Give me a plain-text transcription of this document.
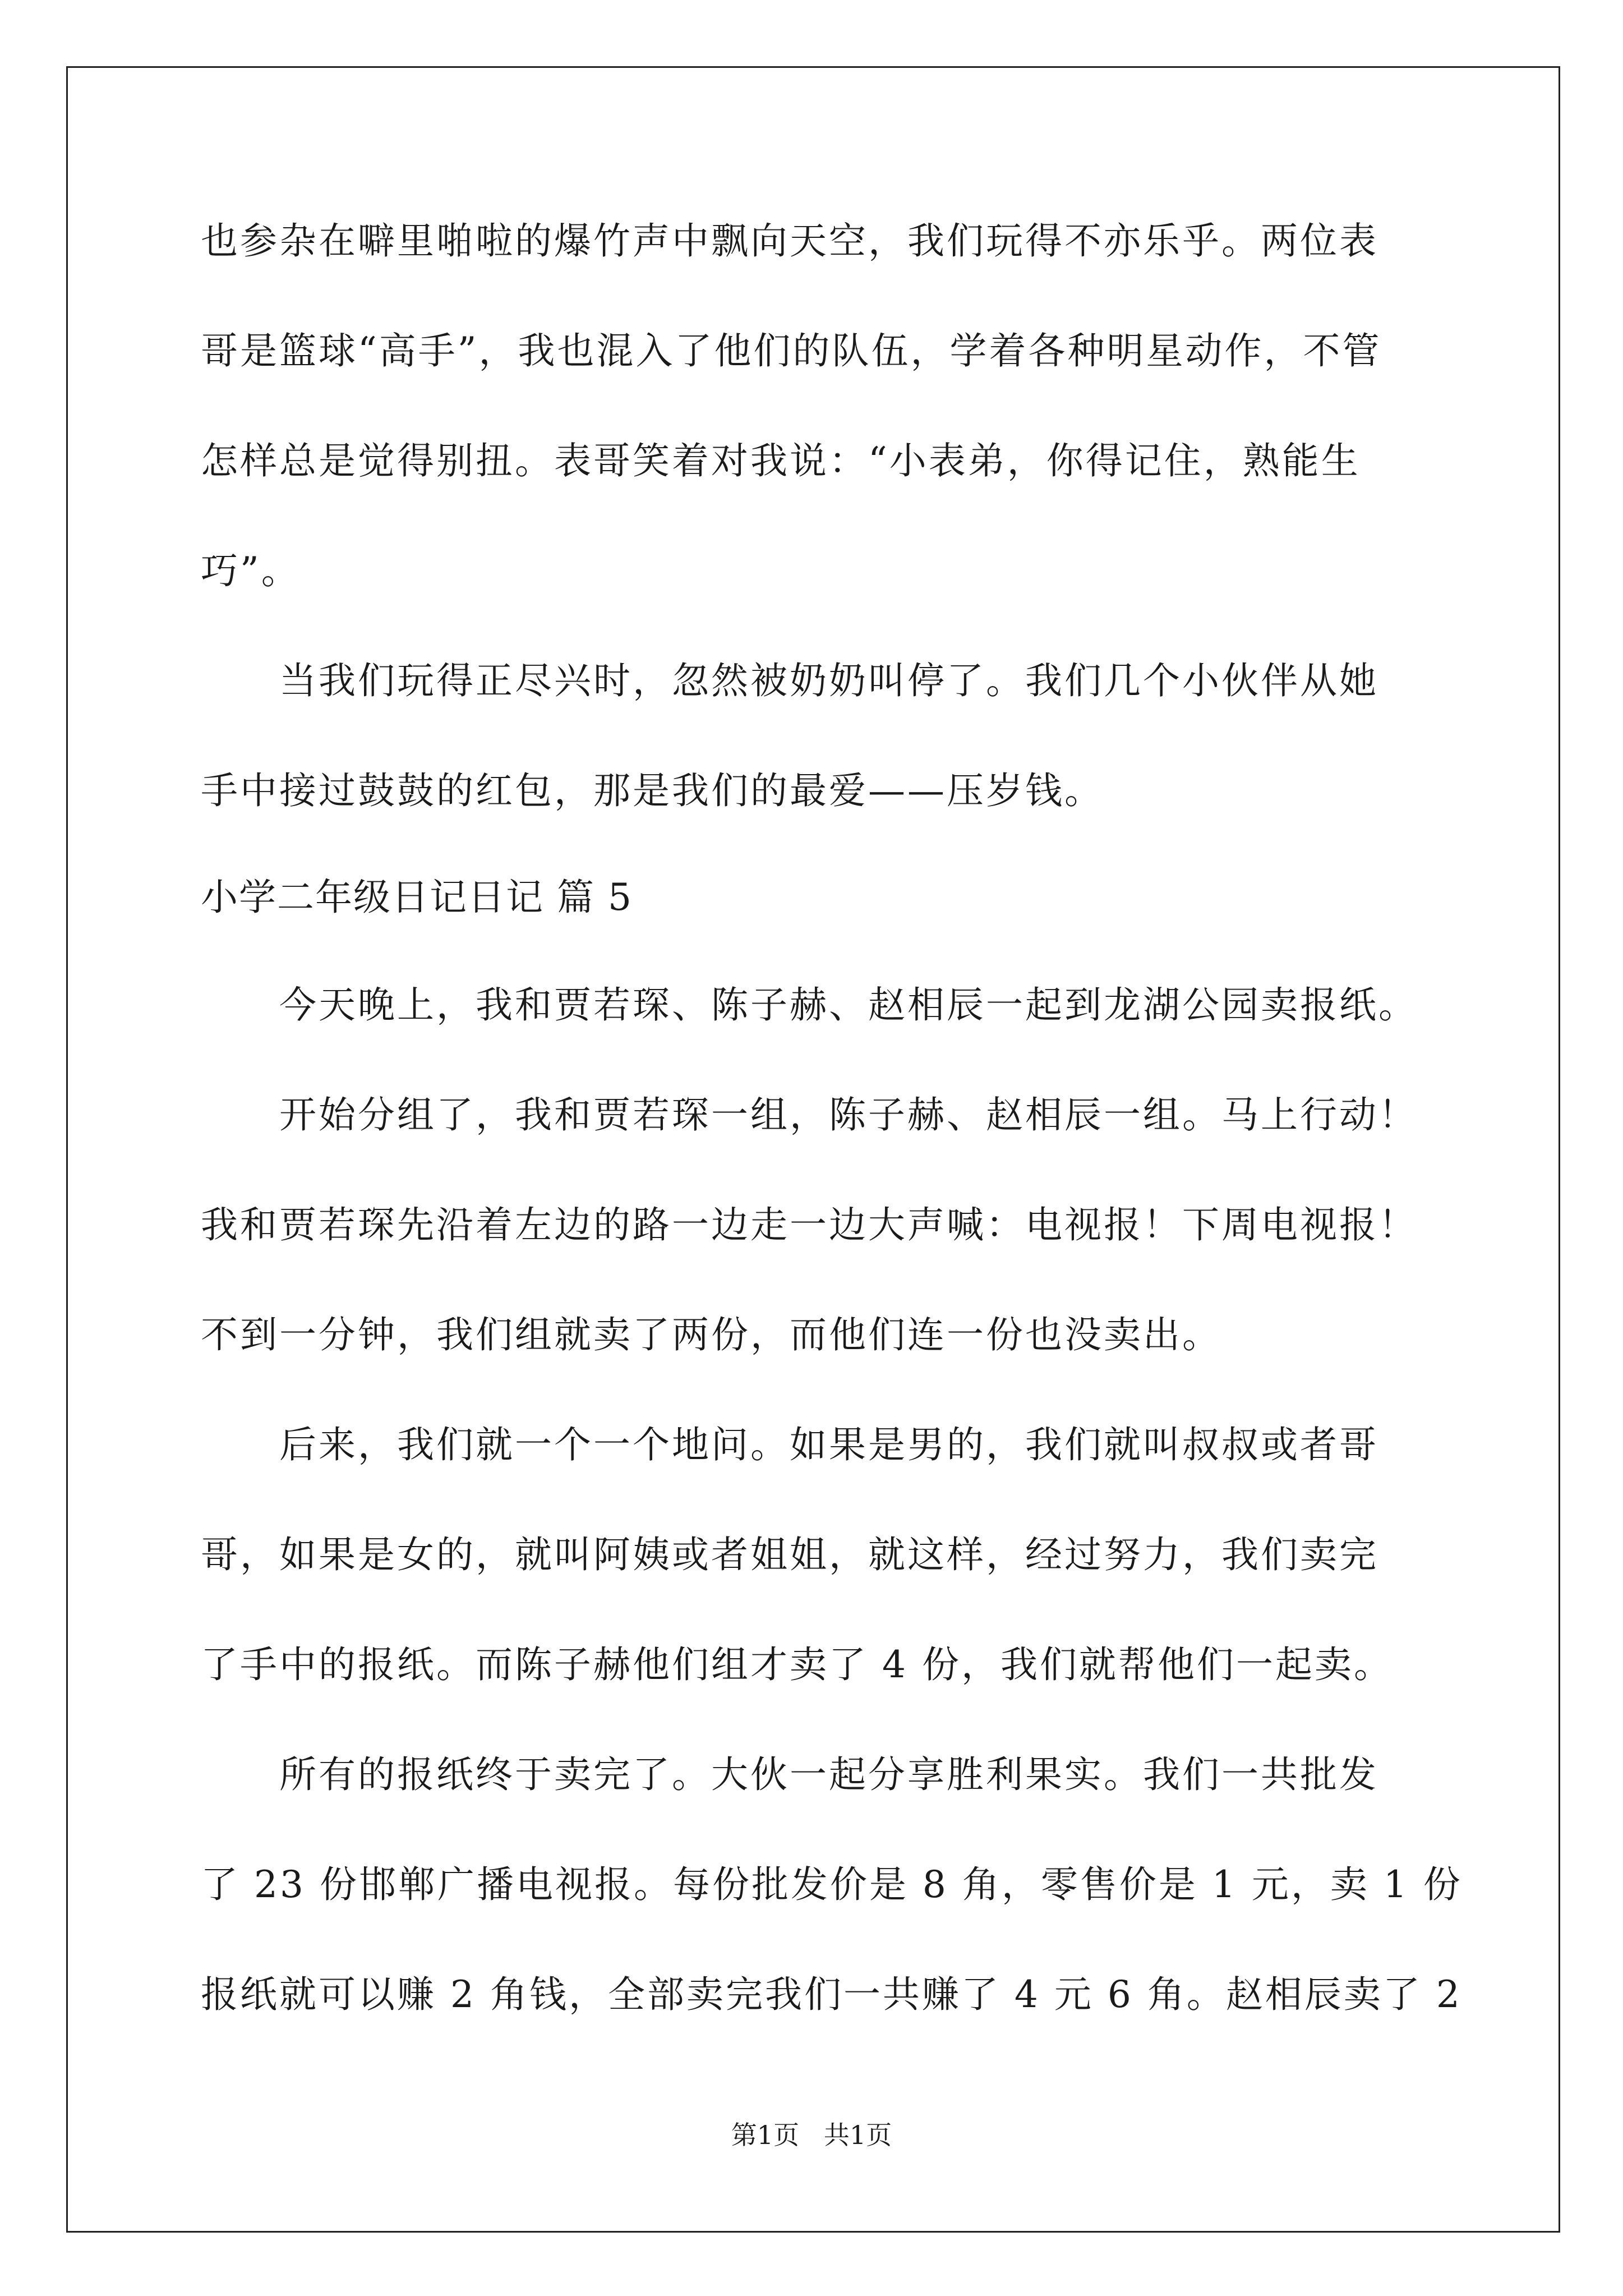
也参杂在噼里啪啦的爆竹声中飘向天空，我们玩得不亦乐乎。两位表
哥是篮球“高手”，我也混入了他们的队伍，学着各种明星动作，不管
怎样总是觉得别扭。表哥笑着对我说：“小表弟，你得记住，熟能生
巧”。
当我们玩得正尽兴时，忽然被奶奶叫停了。我们几个小伙伴从她
手中接过鼓鼓的红包，那是我们的最爱——压岁钱。
小学二年级日记日记 篇 5
今天晚上，我和贾若琛、陈子赫、赵相辰一起到龙湖公园卖报纸。
开始分组了，我和贾若琛一组，陈子赫、赵相辰一组。马上行动！
我和贾若琛先沿着左边的路一边走一边大声喊：电视报！下周电视报！
不到一分钟，我们组就卖了两份，而他们连一份也没卖出。
后来，我们就一个一个地问。如果是男的，我们就叫叔叔或者哥
哥，如果是女的，就叫阿姨或者姐姐，就这样，经过努力，我们卖完
了手中的报纸。而陈子赫他们组才卖了 4 份，我们就帮他们一起卖。
所有的报纸终于卖完了。大伙一起分享胜利果实。我们一共批发
了 23 份邯郸广播电视报。每份批发价是 8 角，零售价是 1 元，卖 1 份
报纸就可以赚 2 角钱，全部卖完我们一共赚了 4 元 6 角。赵相辰卖了 2
第1页   共1页
